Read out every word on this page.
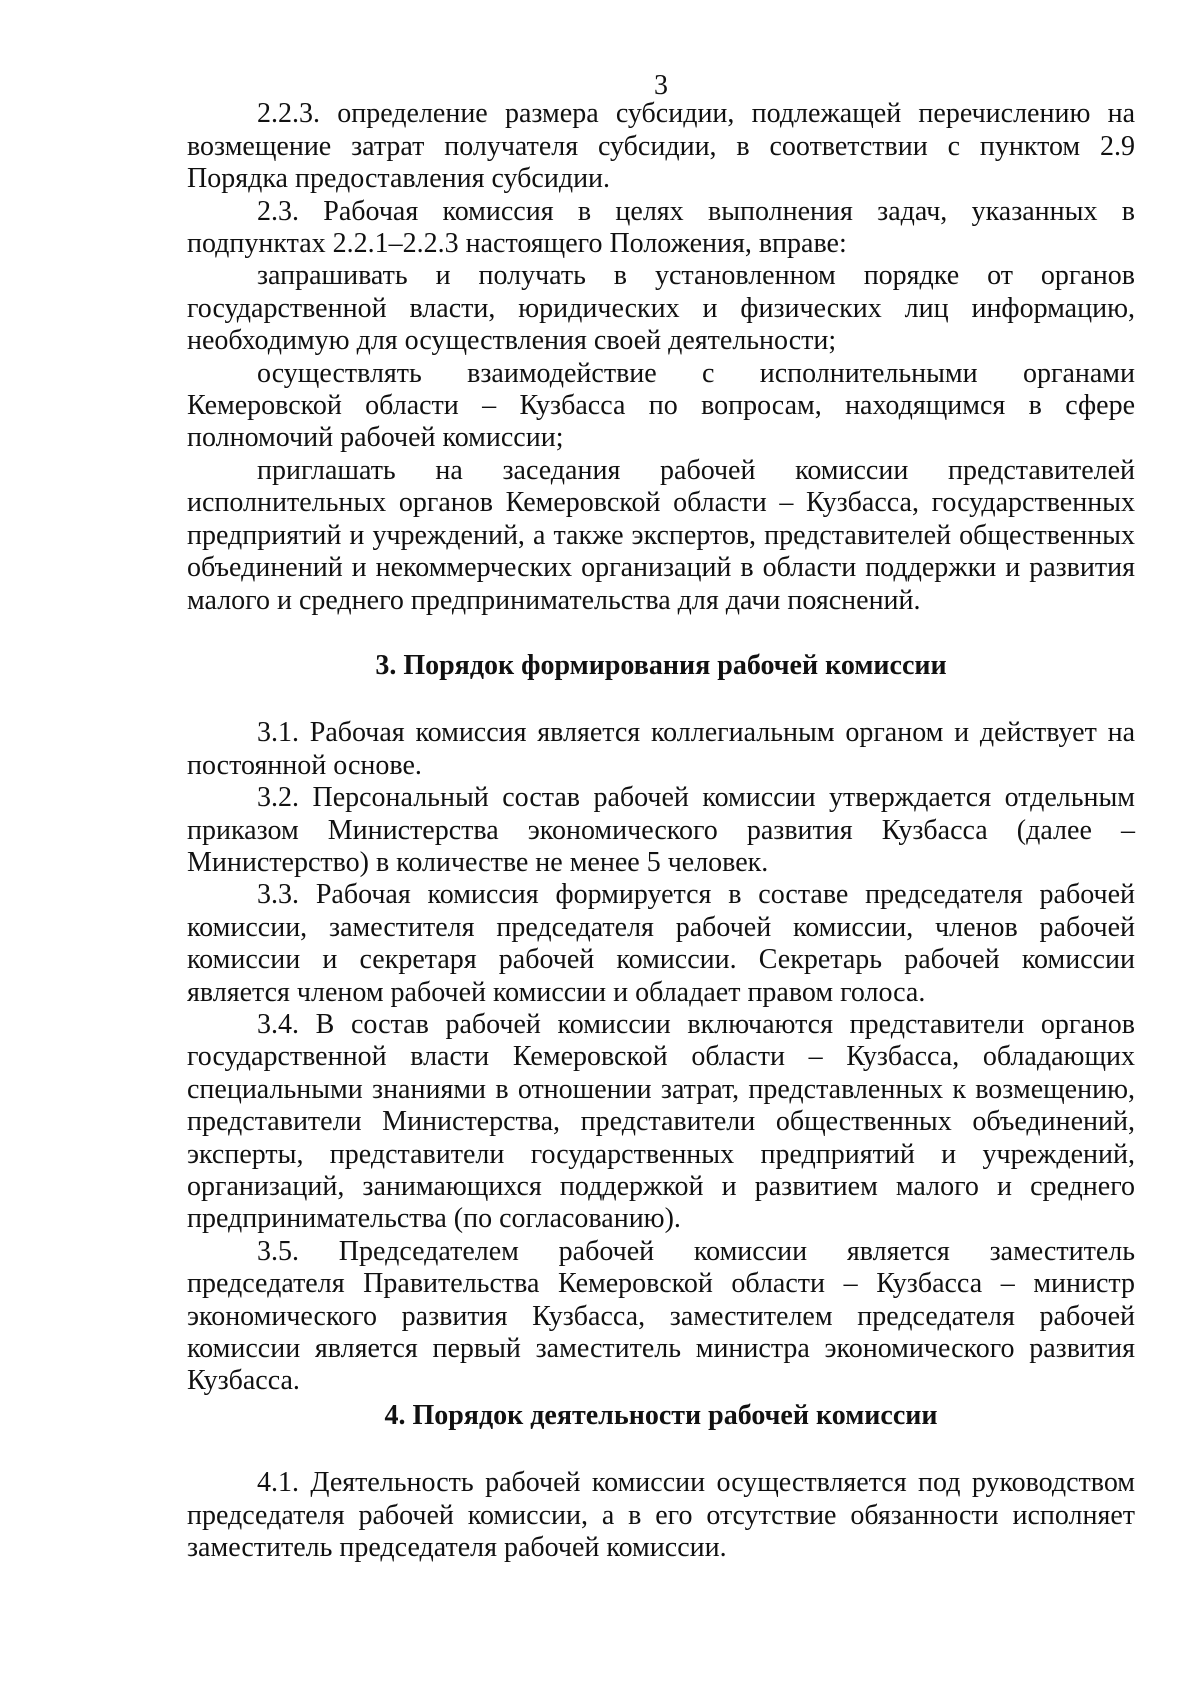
3

2.2.3. определение размера субсидии, подлежащей перечислению на возмещение затрат получателя субсидии, в соответствии с пунктом 2.9 Порядка предоставления субсидии.

2.3. Рабочая комиссия в целях выполнения задач, указанных в подпунктах 2.2.1–2.2.3 настоящего Положения, вправе:

запрашивать и получать в установленном порядке от органов государственной власти, юридических и физических лиц информацию, необходимую для осуществления своей деятельности;

осуществлять взаимодействие с исполнительными органами Кемеровской области – Кузбасса по вопросам, находящимся в сфере полномочий рабочей комиссии;

приглашать на заседания рабочей комиссии представителей исполнительных органов Кемеровской области – Кузбасса, государственных предприятий и учреждений, а также экспертов, представителей общественных объединений и некоммерческих организаций в области поддержки и развития малого и среднего предпринимательства для дачи пояснений.

3. Порядок формирования рабочей комиссии

3.1. Рабочая комиссия является коллегиальным органом и действует на постоянной основе.

3.2. Персональный состав рабочей комиссии утверждается отдельным приказом Министерства экономического развития Кузбасса (далее – Министерство) в количестве не менее 5 человек.

3.3. Рабочая комиссия формируется в составе председателя рабочей комиссии, заместителя председателя рабочей комиссии, членов рабочей комиссии и секретаря рабочей комиссии. Секретарь рабочей комиссии является членом рабочей комиссии и обладает правом голоса.

3.4. В состав рабочей комиссии включаются представители органов государственной власти Кемеровской области – Кузбасса, обладающих специальными знаниями в отношении затрат, представленных к возмещению, представители Министерства, представители общественных объединений, эксперты, представители государственных предприятий и учреждений, организаций, занимающихся поддержкой и развитием малого и среднего предпринимательства (по согласованию).

3.5. Председателем рабочей комиссии является заместитель председателя Правительства Кемеровской области – Кузбасса – министр экономического развития Кузбасса, заместителем председателя рабочей комиссии является первый заместитель министра экономического развития Кузбасса.

4. Порядок деятельности рабочей комиссии

4.1. Деятельность рабочей комиссии осуществляется под руководством председателя рабочей комиссии, а в его отсутствие обязанности исполняет заместитель председателя рабочей комиссии.
